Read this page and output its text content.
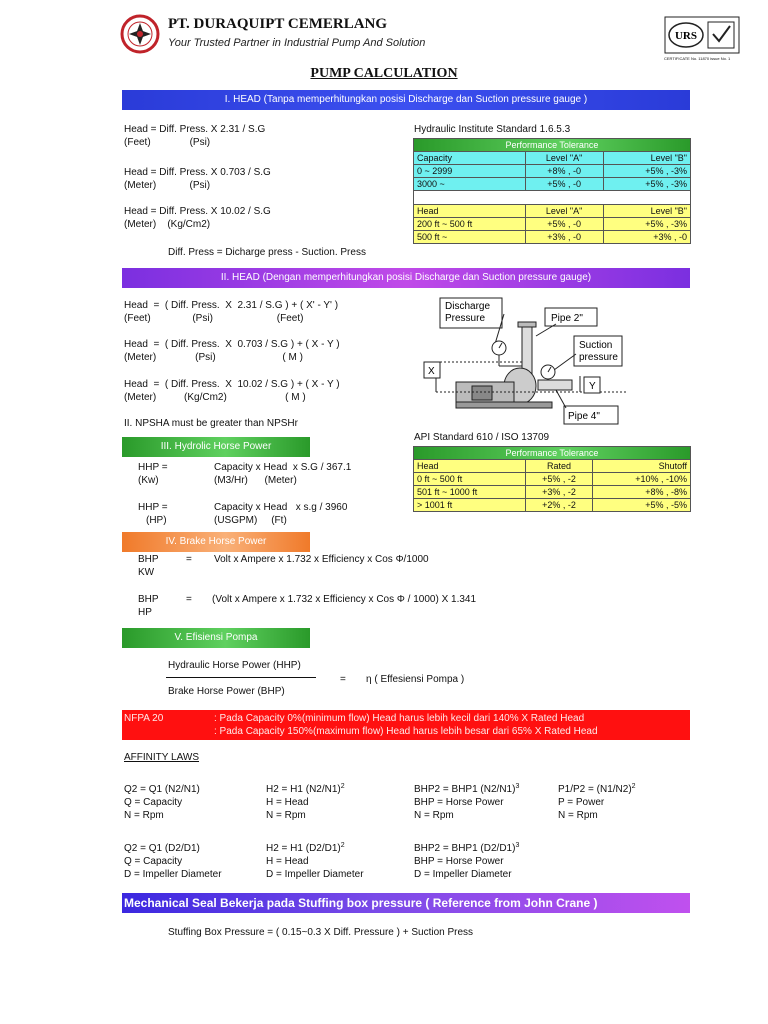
PT. DURAQUIPT CEMERLANG
Your Trusted Partner in Industrial Pump And Solution
URS
CERTIFICATE No. 11870 issue No. 1
PUMP CALCULATION
I. HEAD (Tanpa memperhitungkan posisi Discharge dan Suction pressure gauge )
Head = Diff. Press. X 2.31 / S.G
(Feet)              (Psi)
Head = Diff. Press. X 0.703 / S.G
(Meter)            (Psi)
Head = Diff. Press. X 10.02 / S.G
(Meter)    (Kg/Cm2)
Diff. Press = Dicharge press - Suction. Press
Hydraulic Institute Standard 1.6.5.3
Performance Tolerance		
Capacity	Level "A"	Level "B"
0 ~ 2999	+8% , -0	+5% , -3%
3000 ~	+5% , -0	+5% , -3%

Head	Level "A"	Level "B"
200 ft ~ 500 ft	+5% , -0	+5% , -3%
500 ft ~	+3% , -0	+3% , -0
II. HEAD (Dengan memperhitungkan posisi Discharge dan Suction pressure gauge)
Head  =  ( Diff. Press.  X  2.31 / S.G ) + ( X' - Y' )
(Feet)               (Psi)                       (Feet)
Head  =  ( Diff. Press.  X  0.703 / S.G ) + ( X - Y )
(Meter)              (Psi)                        ( M )
Head  =  ( Diff. Press.  X  10.02 / S.G ) + ( X - Y )
(Meter)          (Kg/Cm2)                     ( M )
II. NPSHA must be greater than NPSHr
Discharge
Pressure	Pipe 2"
Suction
pressure
X
Y
Pipe 4"
API Standard 610 / ISO 13709
Performance Tolerance		
Head	Rated	Shutoff
0 ft ~ 500 ft	+5% , -2	+10% , -10%
501 ft ~ 1000 ft	+3% , -2	+8% , -8%
> 1001 ft	+2% , -2	+5% , -5%
III. Hydrolic Horse Power
HHP =	Capacity x Head  x S.G / 367.1
(Kw)	(M3/Hr)      (Meter)
HHP =	Capacity x Head   x s.g / 3960
(HP)	(USGPM)     (Ft)
IV. Brake Horse Power
BHP	= Volt x Ampere x 1.732 x Efficiency x Cos Φ/1000
KW
BHP	= (Volt x Ampere x 1.732 x Efficiency x Cos Φ / 1000) X 1.341
HP
V. Efisiensi Pompa
Hydraulic Horse Power (HHP)
Brake Horse Power (BHP)
= η ( Effesiensi Pompa )
NFPA 20	: Pada Capacity 0%(minimum flow) Head harus lebih kecil dari 140% X Rated Head
: Pada Capacity 150%(maximum flow) Head harus lebih besar dari 65% X Rated Head
AFFINITY LAWS
Q2 = Q1 (N2/N1)
Q = Capacity
N = Rpm
H2 = H1 $(N2/N1)^2$
H = Head
N = Rpm
BHP2 = BHP1 $(N2/N1)^3$
BHP = Horse Power
N = Rpm
$P1/P2 = (N1/N2)^2$
P = Power
N = Rpm
Q2 = Q1 (D2/D1)
Q = Capacity
D = Impeller Diameter
H2 = H1 $(D2/D1)^2$
H = Head
D = Impeller Diameter
BHP2 = BHP1 $(D2/D1)^3$
BHP = Horse Power
D = Impeller Diameter
Mechanical Seal Bekerja pada Stuffing box pressure ( Reference from John Crane )
Stuffing Box Pressure = ( 0.15~0.3 X Diff. Pressure ) + Suction Press
